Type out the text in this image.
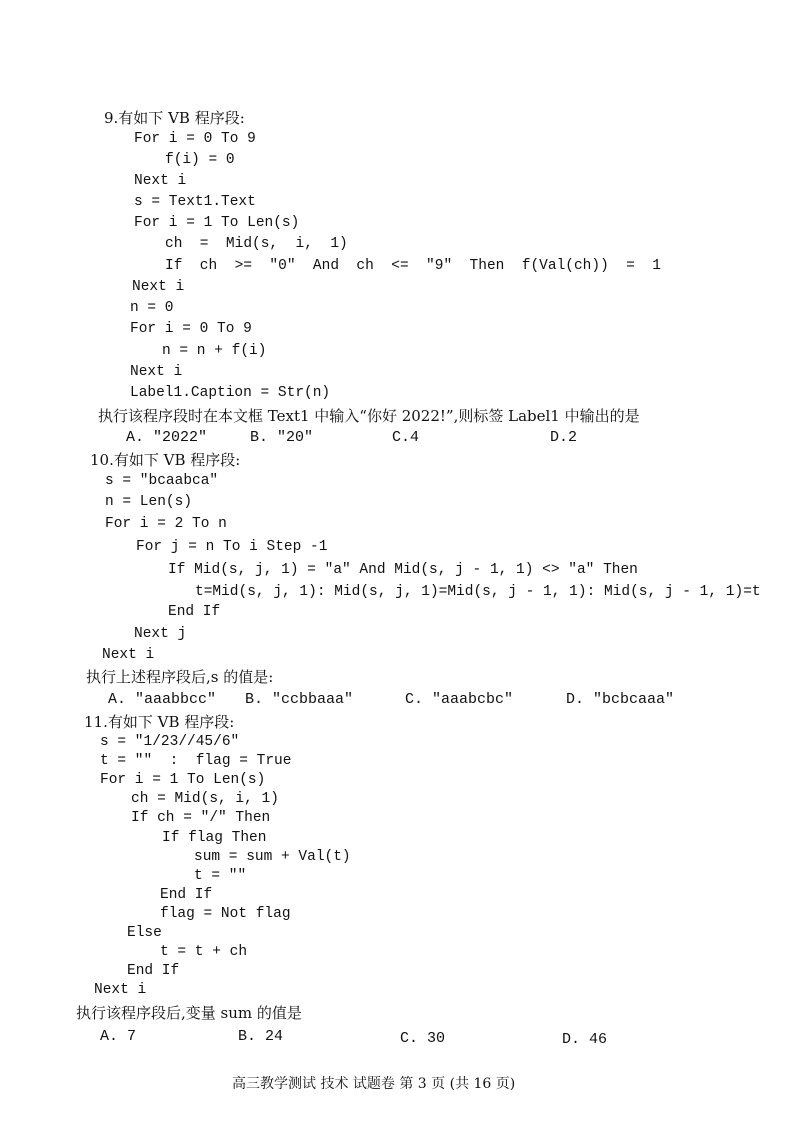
9.有如下 VB 程序段:
For i = 0 To 9
f(i) = 0
Next i
s = Text1.Text
For i = 1 To Len(s)
ch  =  Mid(s,  i,  1)
If  ch  >=  "0"  And  ch  <=  "9"  Then  f(Val(ch))  =  1
Next i
n = 0
For i = 0 To 9
n = n + f(i)
Next i
Label1.Caption = Str(n)
执行该程序段时在本文框 Text1 中输入“你好 2022!”,则标签 Label1 中输出的是
A. "2022"	B. "20"	C.4	D.2
10.有如下 VB 程序段:
s = "bcaabca"
n = Len(s)
For i = 2 To n
For j = n To i Step -1
If Mid(s, j, 1) = "a" And Mid(s, j - 1, 1) <> "a" Then
t=Mid(s, j, 1): Mid(s, j, 1)=Mid(s, j - 1, 1): Mid(s, j - 1, 1)=t
End If
Next j
Next i
执行上述程序段后,s 的值是:
A. "aaabbcc" B. "ccbbaaa"	C. "aaabcbc"	D. "bcbcaaa"
11.有如下 VB 程序段:
s = "1/23//45/6"
t = ""  :  flag = True
For i = 1 To Len(s)
ch = Mid(s, i, 1)
If ch = "/" Then
If flag Then
sum = sum + Val(t)
t = ""
End If
flag = Not flag
Else
t = t + ch
End If
Next i
执行该程序段后,变量 sum 的值是
A. 7	B. 24	C. 30	D. 46
高三教学测试 技术 试题卷 第 3 页 (共 16 页)
